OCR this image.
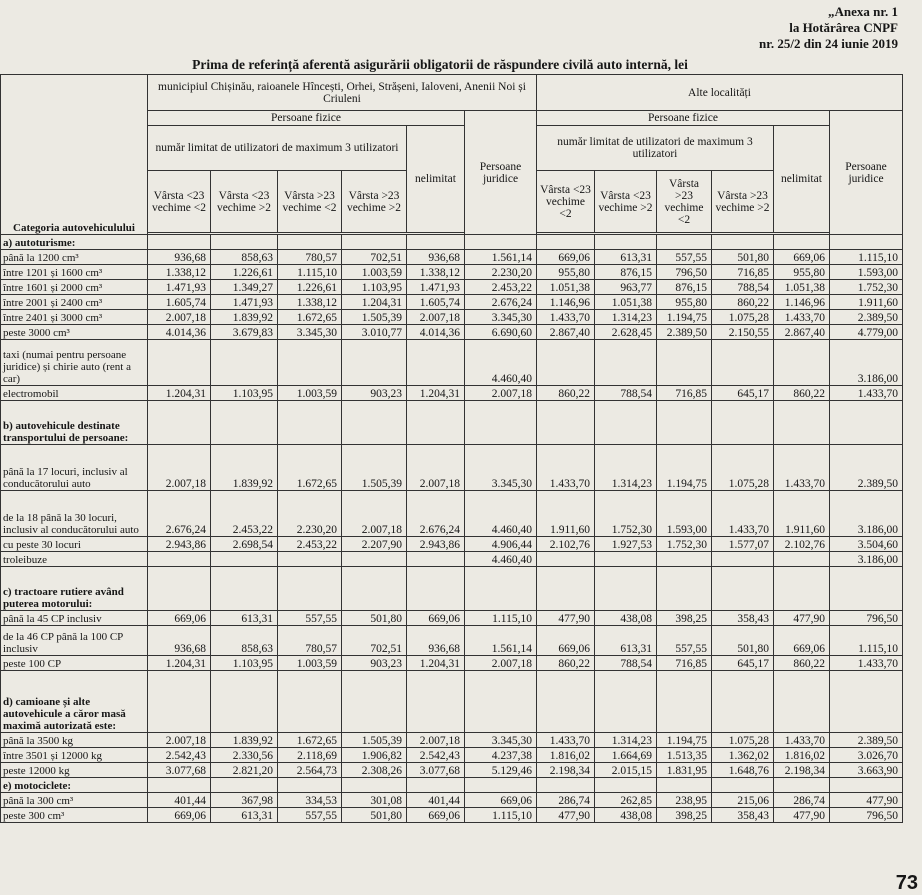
„Anexa nr. 1
la Hotărârea CNPF
nr. 25/2 din 24 iunie 2019
Prima de referință aferentă asigurării obligatorii de răspundere civilă auto internă, lei
Categoria autovehiculului	municipiul Chișinău, raioanele Hîncești, Orhei, Strășeni, Ialoveni, Anenii Noi și Criuleni						Alte localități					
	Persoane fizice					Persoane juridice	Persoane fizice					Persoane juridice
	număr limitat de utilizatori de maximum 3 utilizatori				nelimitat		număr limitat de utilizatori de maximum 3 utilizatori				nelimitat	
	Vârsta <23 vechime <2	Vârsta <23 vechime >2	Vârsta >23 vechime <2	Vârsta >23 vechime >2			Vârsta <23 vechime <2	Vârsta <23 vechime >2	Vârsta >23 vechime <2	Vârsta >23 vechime >2		

a) autoturisme:												
până la 1200 cm³	936,68	858,63	780,57	702,51	936,68	1.561,14	669,06	613,31	557,55	501,80	669,06	1.115,10
între 1201 și 1600 cm³	1.338,12	1.226,61	1.115,10	1.003,59	1.338,12	2.230,20	955,80	876,15	796,50	716,85	955,80	1.593,00
între 1601 și 2000 cm³	1.471,93	1.349,27	1.226,61	1.103,95	1.471,93	2.453,22	1.051,38	963,77	876,15	788,54	1.051,38	1.752,30
între 2001 și 2400 cm³	1.605,74	1.471,93	1.338,12	1.204,31	1.605,74	2.676,24	1.146,96	1.051,38	955,80	860,22	1.146,96	1.911,60
între 2401 și 3000 cm³	2.007,18	1.839,92	1.672,65	1.505,39	2.007,18	3.345,30	1.433,70	1.314,23	1.194,75	1.075,28	1.433,70	2.389,50
peste 3000 cm³	4.014,36	3.679,83	3.345,30	3.010,77	4.014,36	6.690,60	2.867,40	2.628,45	2.389,50	2.150,55	2.867,40	4.779,00
taxi (numai pentru persoane juridice) și chirie auto (rent a car)						4.460,40						3.186,00
electromobil	1.204,31	1.103,95	1.003,59	903,23	1.204,31	2.007,18	860,22	788,54	716,85	645,17	860,22	1.433,70
b) autovehicule destinate transportului de persoane:												
până la 17 locuri, inclusiv al conducătorului auto	2.007,18	1.839,92	1.672,65	1.505,39	2.007,18	3.345,30	1.433,70	1.314,23	1.194,75	1.075,28	1.433,70	2.389,50
de la 18 până la 30 locuri, inclusiv al conducătorului auto	2.676,24	2.453,22	2.230,20	2.007,18	2.676,24	4.460,40	1.911,60	1.752,30	1.593,00	1.433,70	1.911,60	3.186,00
cu peste 30 locuri	2.943,86	2.698,54	2.453,22	2.207,90	2.943,86	4.906,44	2.102,76	1.927,53	1.752,30	1.577,07	2.102,76	3.504,60
troleibuze						4.460,40						3.186,00
c) tractoare rutiere având puterea motorului:												
până la 45 CP inclusiv	669,06	613,31	557,55	501,80	669,06	1.115,10	477,90	438,08	398,25	358,43	477,90	796,50
de la 46 CP până la 100 CP inclusiv	936,68	858,63	780,57	702,51	936,68	1.561,14	669,06	613,31	557,55	501,80	669,06	1.115,10
peste 100 CP	1.204,31	1.103,95	1.003,59	903,23	1.204,31	2.007,18	860,22	788,54	716,85	645,17	860,22	1.433,70
d) camioane și alte autovehicule a căror masă maximă autorizată este:												
până la 3500 kg	2.007,18	1.839,92	1.672,65	1.505,39	2.007,18	3.345,30	1.433,70	1.314,23	1.194,75	1.075,28	1.433,70	2.389,50
între 3501 și 12000 kg	2.542,43	2.330,56	2.118,69	1.906,82	2.542,43	4.237,38	1.816,02	1.664,69	1.513,35	1.362,02	1.816,02	3.026,70
peste 12000 kg	3.077,68	2.821,20	2.564,73	2.308,26	3.077,68	5.129,46	2.198,34	2.015,15	1.831,95	1.648,76	2.198,34	3.663,90
e) motociclete:												
până la 300 cm³	401,44	367,98	334,53	301,08	401,44	669,06	286,74	262,85	238,95	215,06	286,74	477,90
peste 300 cm³	669,06	613,31	557,55	501,80	669,06	1.115,10	477,90	438,08	398,25	358,43	477,90	796,50
73
